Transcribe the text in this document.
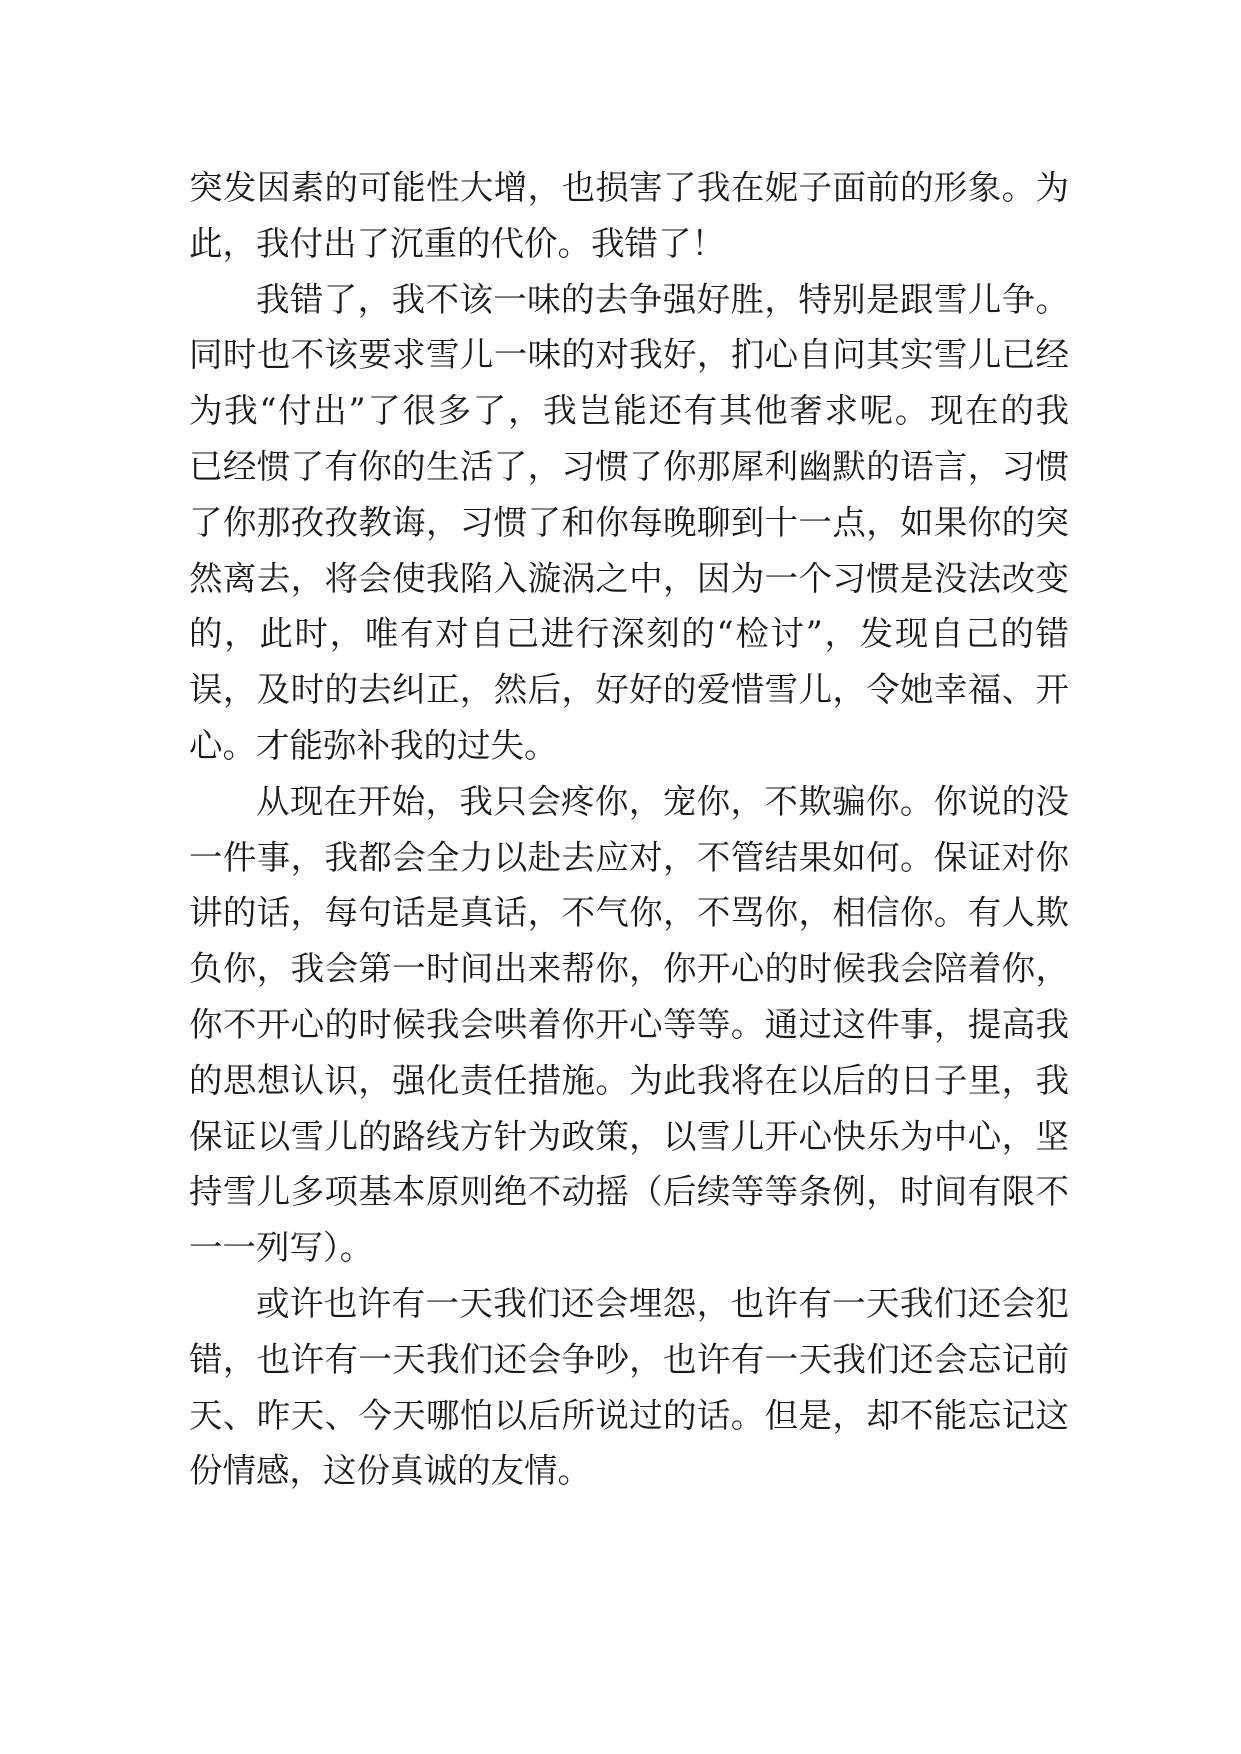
突发因素的可能性大增，也损害了我在妮子面前的形象。为
此，我付出了沉重的代价。我错了！
我错了，我不该一味的去争强好胜，特别是跟雪儿争。
同时也不该要求雪儿一味的对我好，扪心自问其实雪儿已经
为我“付出”了很多了，我岂能还有其他奢求呢。现在的我
已经惯了有你的生活了，习惯了你那犀利幽默的语言，习惯
了你那孜孜教诲，习惯了和你每晚聊到十一点，如果你的突
然离去，将会使我陷入漩涡之中，因为一个习惯是没法改变
的，此时，唯有对自己进行深刻的“检讨”，发现自己的错
误，及时的去纠正，然后，好好的爱惜雪儿，令她幸福、开
心。才能弥补我的过失。
从现在开始，我只会疼你，宠你，不欺骗你。你说的没
一件事，我都会全力以赴去应对，不管结果如何。保证对你
讲的话，每句话是真话，不气你，不骂你，相信你。有人欺
负你，我会第一时间出来帮你，你开心的时候我会陪着你，
你不开心的时候我会哄着你开心等等。通过这件事，提高我
的思想认识，强化责任措施。为此我将在以后的日子里，我
保证以雪儿的路线方针为政策，以雪儿开心快乐为中心，坚
持雪儿多项基本原则绝不动摇（后续等等条例，时间有限不
一一列写）。
或许也许有一天我们还会埋怨，也许有一天我们还会犯
错，也许有一天我们还会争吵，也许有一天我们还会忘记前
天、昨天、今天哪怕以后所说过的话。但是，却不能忘记这
份情感，这份真诚的友情。
